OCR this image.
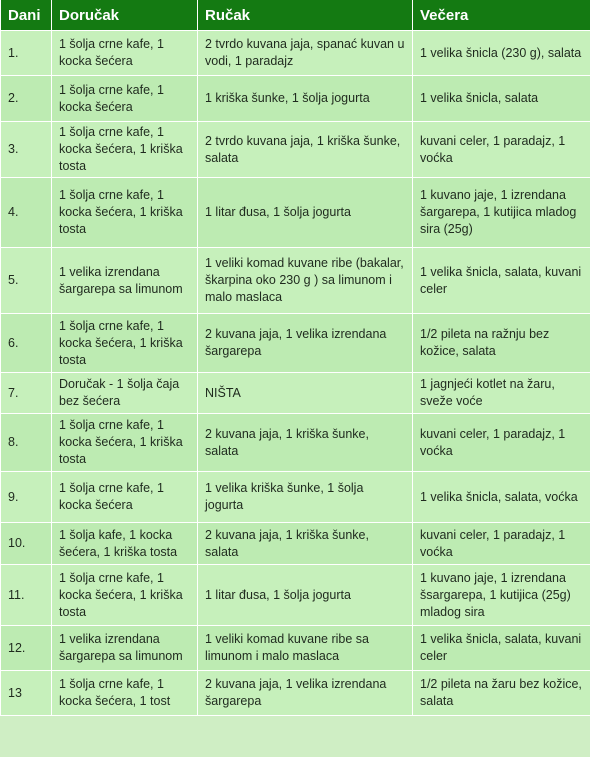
Dani	Doručak	Ručak	Večera
1.	1 šolja crne kafe, 1 kocka šećera	2 tvrdo kuvana jaja, spanać kuvan u vodi, 1 paradajz	1 velika šnicla (230 g), salata
2.	1 šolja crne kafe, 1 kocka šećera	1 kriška šunke, 1 šolja jogurta	1 velika šnicla, salata
3.	1 šolja crne kafe, 1 kocka šećera, 1 kriška tosta	2 tvrdo kuvana jaja, 1 kriška šunke, salata	kuvani celer, 1 paradajz, 1 voćka
4.	1 šolja crne kafe, 1 kocka šećera, 1 kriška tosta	1 litar đusa, 1 šolja jogurta	1 kuvano jaje, 1 izrendana šargarepa, 1 kutijica mladog sira (25g)
5.	1 velika izrendana šargarepa sa limunom	1 veliki komad kuvane ribe (bakalar, škarpina oko 230 g ) sa limunom i malo maslaca	1 velika šnicla, salata, kuvani celer
6.	1 šolja crne kafe, 1 kocka šećera, 1 kriška tosta	2 kuvana jaja, 1 velika izrendana šargarepa	1/2 pileta na ražnju bez kožice, salata
7.	Doručak - 1 šolja čaja bez šećera	NIŠTA	1 jagnjeći kotlet na žaru, sveže voće
8.	1 šolja crne kafe, 1 kocka šećera, 1 kriška tosta	2 kuvana jaja, 1 kriška šunke, salata	kuvani celer, 1 paradajz, 1 voćka
9.	1 šolja crne kafe, 1 kocka šećera	1 velika kriška šunke, 1 šolja jogurta	1 velika šnicla, salata, voćka
10.	1 šolja kafe, 1 kocka šećera, 1 kriška tosta	2 kuvana jaja, 1 kriška šunke, salata	kuvani celer, 1 paradajz, 1 voćka
11.	1 šolja crne kafe, 1 kocka šećera, 1 kriška tosta	1 litar đusa, 1 šolja jogurta	1 kuvano jaje, 1 izrendana šsargarepa, 1 kutijica (25g) mladog sira
12.	1 velika izrendana šargarepa sa limunom	1 veliki komad kuvane ribe sa limunom i malo maslaca	1 velika šnicla, salata, kuvani celer
13	1 šolja crne kafe, 1 kocka šećera, 1 tost	2 kuvana jaja, 1 velika izrendana šargarepa	1/2 pileta na žaru bez kožice, salata
